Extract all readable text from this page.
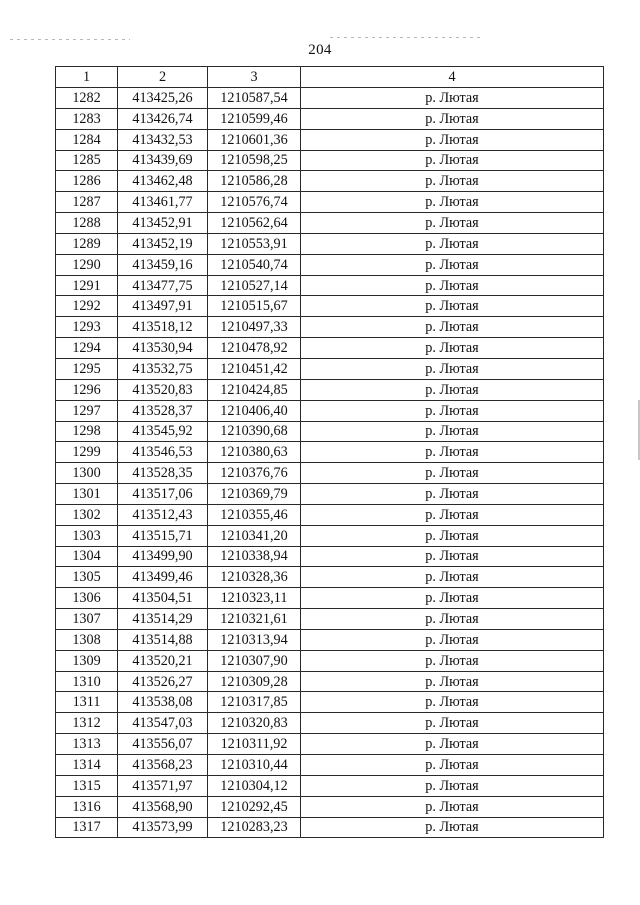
204
1	2	3	4
1282	413425,26	1210587,54	р. Лютая
1283	413426,74	1210599,46	р. Лютая
1284	413432,53	1210601,36	р. Лютая
1285	413439,69	1210598,25	р. Лютая
1286	413462,48	1210586,28	р. Лютая
1287	413461,77	1210576,74	р. Лютая
1288	413452,91	1210562,64	р. Лютая
1289	413452,19	1210553,91	р. Лютая
1290	413459,16	1210540,74	р. Лютая
1291	413477,75	1210527,14	р. Лютая
1292	413497,91	1210515,67	р. Лютая
1293	413518,12	1210497,33	р. Лютая
1294	413530,94	1210478,92	р. Лютая
1295	413532,75	1210451,42	р. Лютая
1296	413520,83	1210424,85	р. Лютая
1297	413528,37	1210406,40	р. Лютая
1298	413545,92	1210390,68	р. Лютая
1299	413546,53	1210380,63	р. Лютая
1300	413528,35	1210376,76	р. Лютая
1301	413517,06	1210369,79	р. Лютая
1302	413512,43	1210355,46	р. Лютая
1303	413515,71	1210341,20	р. Лютая
1304	413499,90	1210338,94	р. Лютая
1305	413499,46	1210328,36	р. Лютая
1306	413504,51	1210323,11	р. Лютая
1307	413514,29	1210321,61	р. Лютая
1308	413514,88	1210313,94	р. Лютая
1309	413520,21	1210307,90	р. Лютая
1310	413526,27	1210309,28	р. Лютая
1311	413538,08	1210317,85	р. Лютая
1312	413547,03	1210320,83	р. Лютая
1313	413556,07	1210311,92	р. Лютая
1314	413568,23	1210310,44	р. Лютая
1315	413571,97	1210304,12	р. Лютая
1316	413568,90	1210292,45	р. Лютая
1317	413573,99	1210283,23	р. Лютая
